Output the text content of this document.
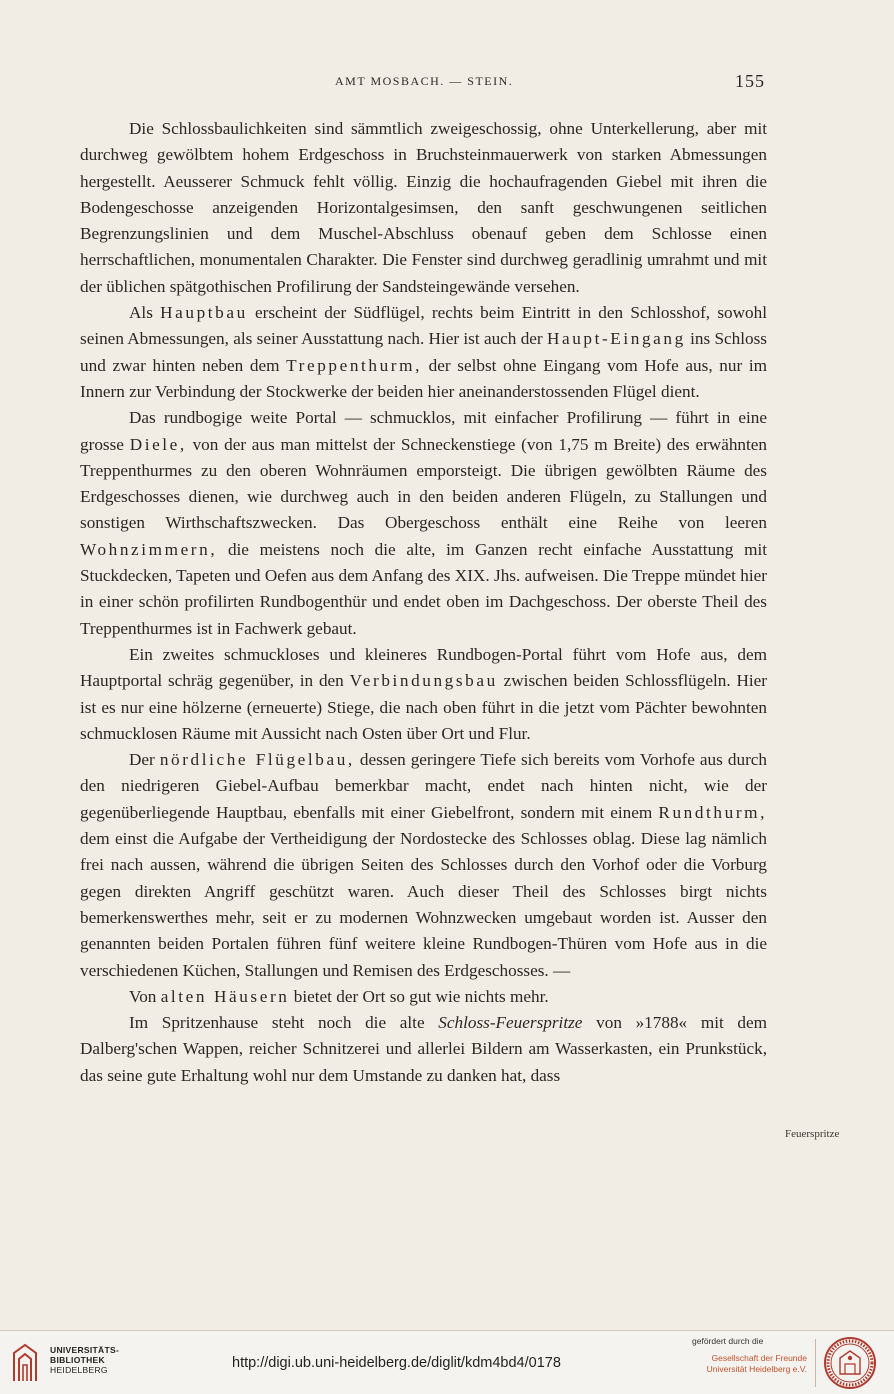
AMT MOSBACH. — STEIN.	155

Die Schlossbaulichkeiten sind sämmtlich zweigeschossig, ohne Unterkellerung, aber mit durchweg gewölbtem hohem Erdgeschoss in Bruchsteinmauerwerk von starken Abmessungen hergestellt. Aeusserer Schmuck fehlt völlig. Einzig die hochaufragenden Giebel mit ihren die Bodengeschosse anzeigenden Horizontalgesimsen, den sanft geschwungenen seitlichen Begrenzungslinien und dem Muschel-Abschluss obenauf geben dem Schlosse einen herrschaftlichen, monumentalen Charakter. Die Fenster sind durchweg geradlinig umrahmt und mit der üblichen spätgothischen Profilirung der Sandsteingewände versehen.

Als Hauptbau erscheint der Südflügel, rechts beim Eintritt in den Schlosshof, sowohl seinen Abmessungen, als seiner Ausstattung nach. Hier ist auch der Haupt-Eingang ins Schloss und zwar hinten neben dem Treppenthurm, der selbst ohne Eingang vom Hofe aus, nur im Innern zur Verbindung der Stockwerke der beiden hier aneinanderstossenden Flügel dient.

Das rundbogige weite Portal — schmucklos, mit einfacher Profilirung — führt in eine grosse Diele, von der aus man mittelst der Schneckenstiege (von 1,75 m Breite) des erwähnten Treppenthurmes zu den oberen Wohnräumen emporsteigt. Die übrigen gewölbten Räume des Erdgeschosses dienen, wie durchweg auch in den beiden anderen Flügeln, zu Stallungen und sonstigen Wirthschaftszwecken. Das Obergeschoss enthält eine Reihe von leeren Wohnzimmern, die meistens noch die alte, im Ganzen recht einfache Ausstattung mit Stuckdecken, Tapeten und Oefen aus dem Anfang des XIX. Jhs. aufweisen. Die Treppe mündet hier in einer schön profilirten Rundbogenthür und endet oben im Dachgeschoss. Der oberste Theil des Treppenthurmes ist in Fachwerk gebaut.

Ein zweites schmuckloses und kleineres Rundbogen-Portal führt vom Hofe aus, dem Hauptportal schräg gegenüber, in den Verbindungsbau zwischen beiden Schlossflügeln. Hier ist es nur eine hölzerne (erneuerte) Stiege, die nach oben führt in die jetzt vom Pächter bewohnten schmucklosen Räume mit Aussicht nach Osten über Ort und Flur.

Der nördliche Flügelbau, dessen geringere Tiefe sich bereits vom Vorhofe aus durch den niedrigeren Giebel-Aufbau bemerkbar macht, endet nach hinten nicht, wie der gegenüberliegende Hauptbau, ebenfalls mit einer Giebelfront, sondern mit einem Rundthurm, dem einst die Aufgabe der Vertheidigung der Nordostecke des Schlosses oblag. Diese lag nämlich frei nach aussen, während die übrigen Seiten des Schlosses durch den Vorhof oder die Vorburg gegen direkten Angriff geschützt waren. Auch dieser Theil des Schlosses birgt nichts bemerkenswerthes mehr, seit er zu modernen Wohnzwecken umgebaut worden ist. Ausser den genannten beiden Portalen führen fünf weitere kleine Rundbogen-Thüren vom Hofe aus in die verschiedenen Küchen, Stallungen und Remisen des Erdgeschosses. —

Von alten Häusern bietet der Ort so gut wie nichts mehr.

Im Spritzenhause steht noch die alte Schloss-Feuerspritze von »1788« mit dem Dalberg'schen Wappen, reicher Schnitzerei und allerlei Bildern am Wasserkasten, ein Prunkstück, das seine gute Erhaltung wohl nur dem Umstande zu danken hat, dass

Feuerspritze
UNIVERSITÄTS-
BIBLIOTHEK
HEIDELBERG	http://digi.ub.uni-heidelberg.de/diglit/kdm4bd4/0178
gefördert durch die
Gesellschaft der Freunde
Universität Heidelberg e.V.
